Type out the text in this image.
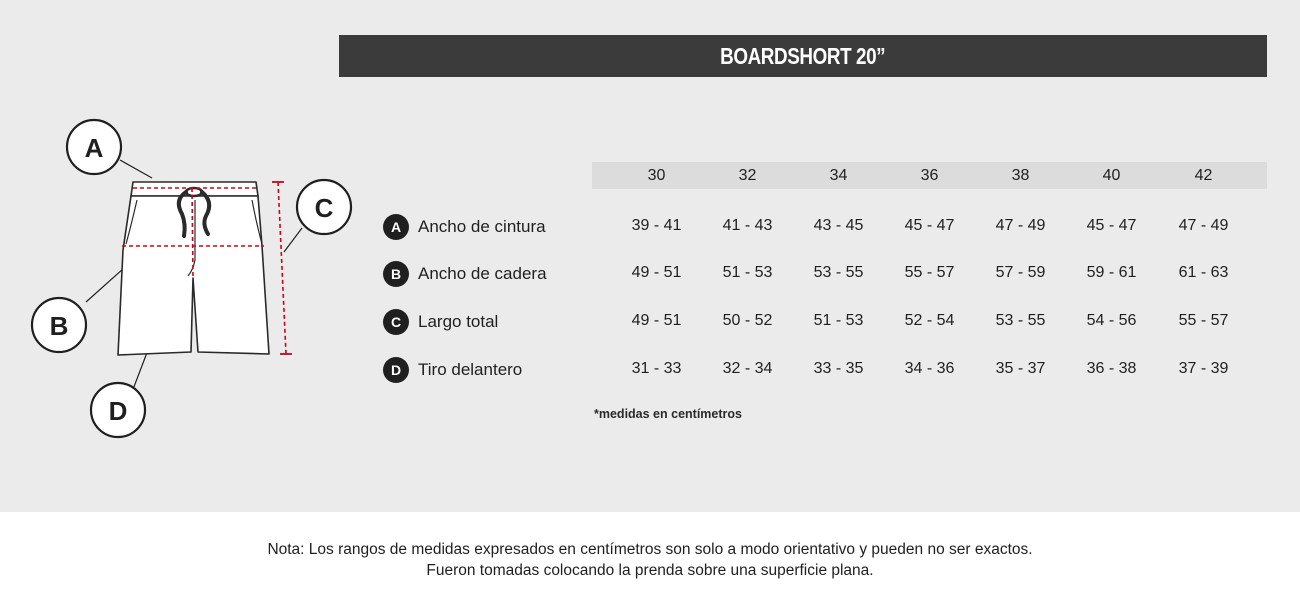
BOARDSHORT 20”
A
C
B
D
30	32	34	36	38	40	42
A Ancho de cintura	39 - 41	41 - 43	43 - 45	45 - 47	47 - 49	45 - 47	47 - 49
B Ancho de cadera	49 - 51	51 - 53	53 - 55	55 - 57	57 - 59	59 - 61	61 - 63
C Largo total	49 - 51	50 - 52	51 - 53	52 - 54	53 - 55	54 - 56	55 - 57
D Tiro delantero	31 - 33	32 - 34	33 - 35	34 - 36	35 - 37	36 - 38	37 - 39
*medidas en centímetros
Nota: Los rangos de medidas expresados en centímetros son solo a modo orientativo y pueden no ser exactos.
Fueron tomadas colocando la prenda sobre una superficie plana.
